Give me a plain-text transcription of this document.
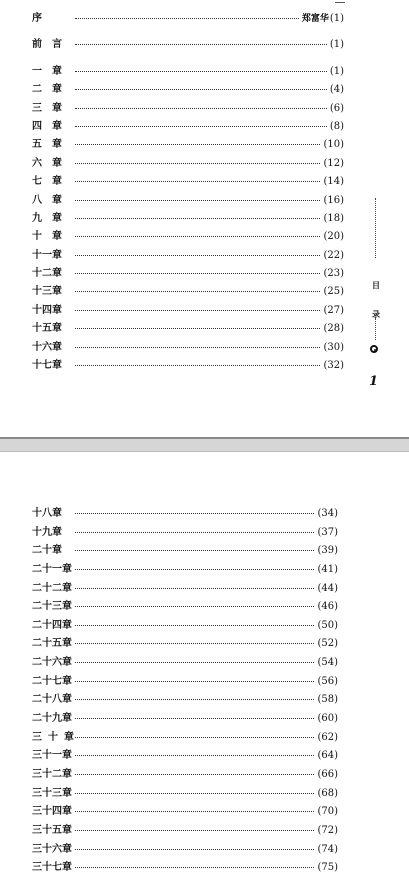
序	郑富华 (1)
前言	(1)
一章	(1)
二章	(4)
三章	(6)
四章	(8)
五章	(10)
六章	(12)
七章	(14)
八章	(16)
九章	(18)
十章	(20)
十一章	(22)
十二章	(23)
十三章	(25)
十四章	(27)
十五章	(28)
十六章	(30)
十七章	(32)
目
录
1
十八章	(34)
十九章	(37)
二十章	(39)
二十一章	(41)
二十二章	(44)
二十三章	(46)
二十四章	(50)
二十五章	(52)
二十六章	(54)
二十七章	(56)
二十八章	(58)
二十九章	(60)
三十章	(62)
三十一章	(64)
三十二章	(66)
三十三章	(68)
三十四章	(70)
三十五章	(72)
三十六章	(74)
三十七章	(75)
